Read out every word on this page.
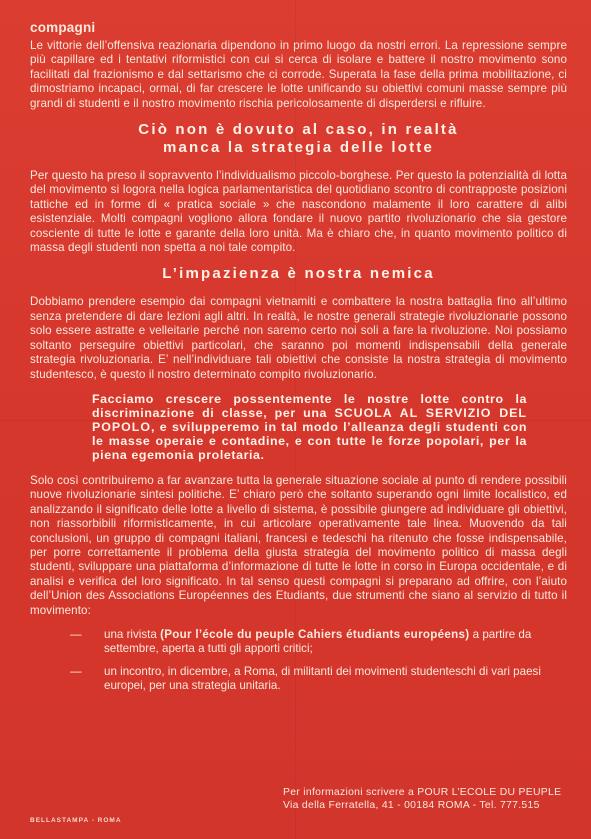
compagni

Le vittorie dell’offensiva reazionaria dipendono in primo luogo da nostri errori. La repressione sempre più capillare ed i tentativi riformistici con cui si cerca di isolare e battere il nostro movimento sono facilitati dal frazionismo e dal settarismo che ci corrode. Superata la fase della prima mobilitazione, ci dimostriamo incapaci, ormai, di far crescere le lotte unificando su obiettivi comuni masse sempre più grandi di studenti e il nostro movimento rischia pericolosamente di disperdersi e rifluire.

Ciò non è dovuto al caso, in realtà
manca la strategia delle lotte

Per questo ha preso il sopravvento l’individualismo piccolo-borghese. Per questo la potenzialità di lotta del movimento si logora nella logica parlamentaristica del quotidiano scontro di contrapposte posizioni tattiche ed in forme di « pratica sociale » che nascondono malamente il loro carattere di alibi esistenziale. Molti compagni vogliono allora fondare il nuovo partito rivoluzionario che sia gestore cosciente di tutte le lotte e garante della loro unità. Ma è chiaro che, in quanto movimento politico di massa degli studenti non spetta a noi tale compito.

L’impazienza è nostra nemica

Dobbiamo prendere esempio dai compagni vietnamiti e combattere la nostra battaglia fino all’ultimo senza pretendere di dare lezioni agli altri. In realtà, le nostre generali strategie rivoluzionarie possono solo essere astratte e velleitarie perché non saremo certo noi soli a fare la rivoluzione. Noi possiamo soltanto perseguire obiettivi particolari, che saranno poi momenti indispensabili della generale strategia rivoluzionaria. E’ nell’individuare tali obiettivi che consiste la nostra strategia di movimento studentesco, è questo il nostro determinato compito rivoluzionario.

Facciamo crescere possentemente le nostre lotte contro la discriminazione di classe, per una SCUOLA AL SERVIZIO DEL POPOLO, e svilupperemo in tal modo l’alleanza degli studenti con le masse operaie e contadine, e con tutte le forze popolari, per la piena egemonia proletaria.

Solo così contribuiremo a far avanzare tutta la generale situazione sociale al punto di rendere possibili nuove rivoluzionarie sintesi politiche. E’ chiaro però che soltanto superando ogni limite localistico, ed analizzando il significato delle lotte a livello di sistema, è possibile giungere ad individuare gli obiettivi, non riassorbibili riformisticamente, in cui articolare operativamente tale linea. Muovendo da tali conclusioni, un gruppo di compagni italiani, francesi e tedeschi ha ritenuto che fosse indispensabile, per porre correttamente il problema della giusta strategia del movimento politico di massa degli studenti, sviluppare una piattaforma d’informazione di tutte le lotte in corso in Europa occidentale, e di analisi e verifica del loro significato. In tal senso questi compagni si preparano ad offrire, con l’aiuto dell’Union des Associations Européennes des Etudiants, due strumenti che siano al servizio di tutto il movimento:

—	una rivista (Pour l’école du peuple Cahiers étudiants européens) a partire da settembre, aperta a tutti gli apporti critici;
—	un incontro, in dicembre, a Roma, di militanti dei movimenti studenteschi di vari paesi europei, per una strategia unitaria.
Per informazioni scrivere a POUR L’ECOLE DU PEUPLE
Via della Ferratella, 41 - 00184 ROMA - Tel. 777.515
BELLASTAMPA - ROMA
